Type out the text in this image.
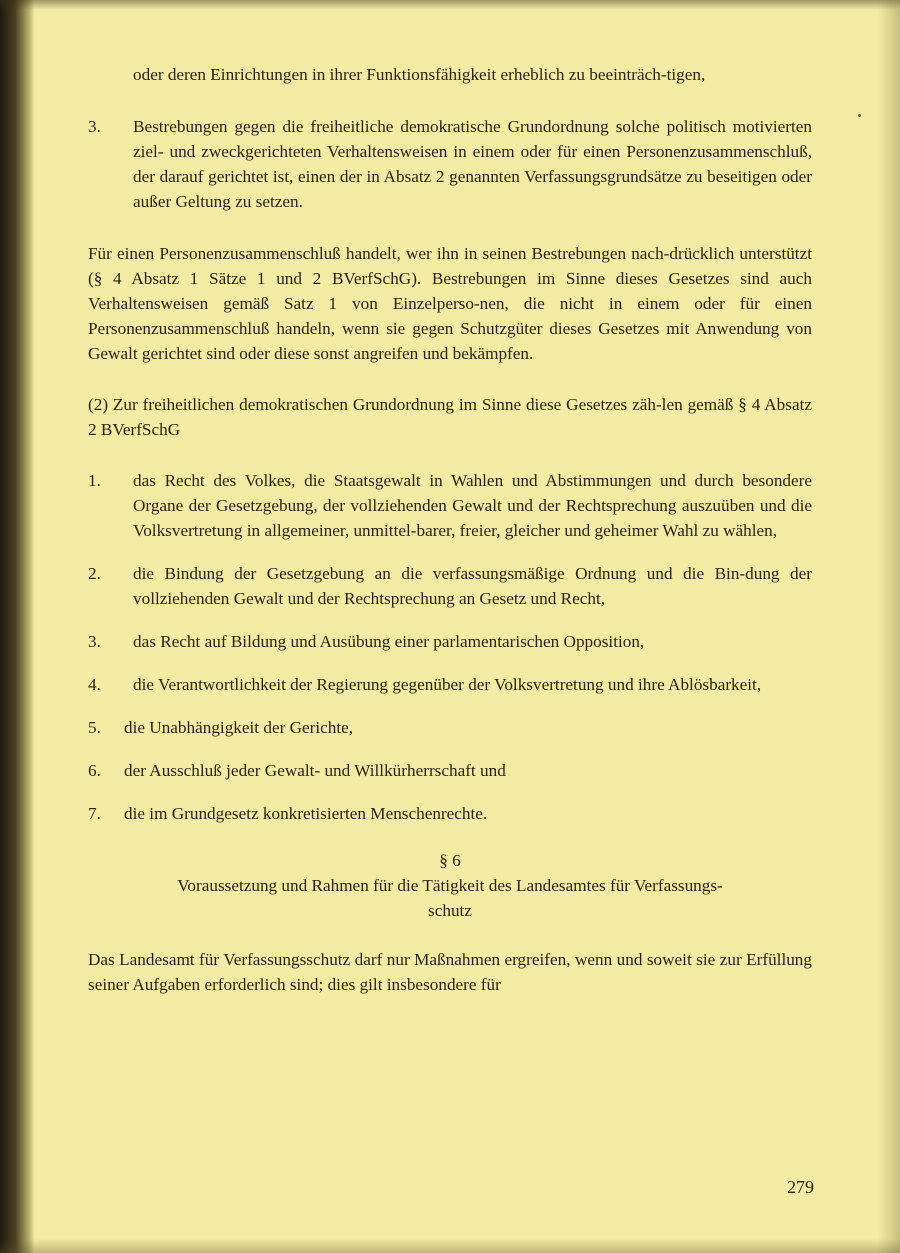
oder deren Einrichtungen in ihrer Funktionsfähigkeit erheblich zu beeinträch-tigen,

3.	Bestrebungen gegen die freiheitliche demokratische Grundordnung solche politisch motivierten ziel- und zweckgerichteten Verhaltensweisen in einem oder für einen Personenzusammenschluß, der darauf gerichtet ist, einen der in Absatz 2 genannten Verfassungsgrundsätze zu beseitigen oder außer Geltung zu setzen.

Für einen Personenzusammenschluß handelt, wer ihn in seinen Bestrebungen nach-drücklich unterstützt (§ 4 Absatz 1 Sätze 1 und 2 BVerfSchG). Bestrebungen im Sinne dieses Gesetzes sind auch Verhaltensweisen gemäß Satz 1 von Einzelperso-nen, die nicht in einem oder für einen Personenzusammenschluß handeln, wenn sie gegen Schutzgüter dieses Gesetzes mit Anwendung von Gewalt gerichtet sind oder diese sonst angreifen und bekämpfen.

(2) Zur freiheitlichen demokratischen Grundordnung im Sinne diese Gesetzes zäh-len gemäß § 4 Absatz 2 BVerfSchG

1.	das Recht des Volkes, die Staatsgewalt in Wahlen und Abstimmungen und durch besondere Organe der Gesetzgebung, der vollziehenden Gewalt und der Rechtsprechung auszuüben und die Volksvertretung in allgemeiner, unmittel-barer, freier, gleicher und geheimer Wahl zu wählen,
2.	die Bindung der Gesetzgebung an die verfassungsmäßige Ordnung und die Bin-dung der vollziehenden Gewalt und der Rechtsprechung an Gesetz und Recht,
3.	das Recht auf Bildung und Ausübung einer parlamentarischen Opposition,
4.	die Verantwortlichkeit der Regierung gegenüber der Volksvertretung und ihre Ablösbarkeit,
5.	die Unabhängigkeit der Gerichte,
6.	der Ausschluß jeder Gewalt- und Willkürherrschaft und
7.	die im Grundgesetz konkretisierten Menschenrechte.
§ 6
Voraussetzung und Rahmen für die Tätigkeit des Landesamtes für Verfassungs-
schutz

Das Landesamt für Verfassungsschutz darf nur Maßnahmen ergreifen, wenn und soweit sie zur Erfüllung seiner Aufgaben erforderlich sind; dies gilt insbesondere für

279
